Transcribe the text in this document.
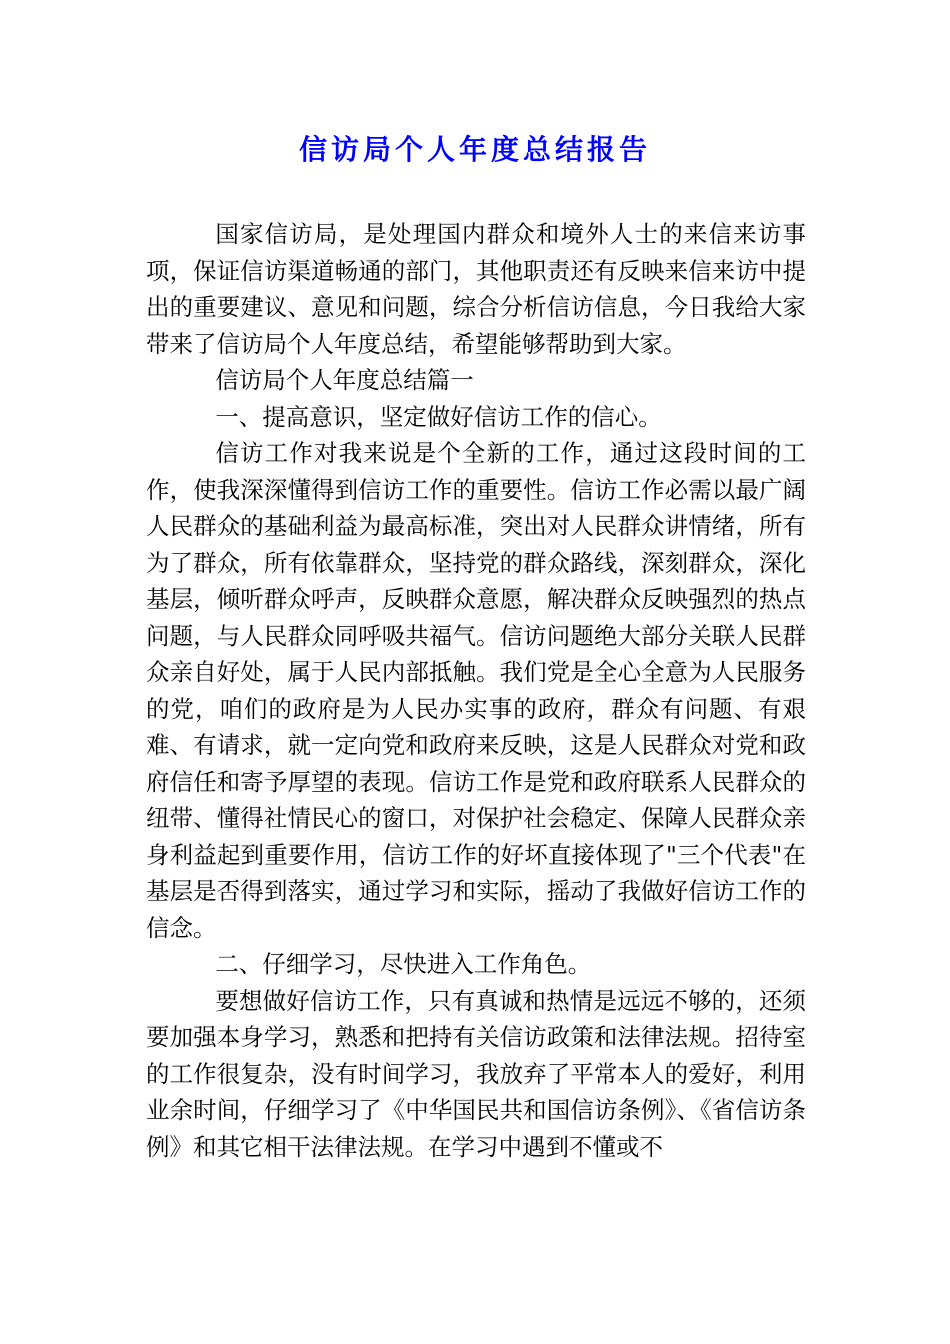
信访局个人年度总结报告

国家信访局，是处理国内群众和境外人士的来信来访事项，保证信访渠道畅通的部门，其他职责还有反映来信来访中提出的重要建议、意见和问题，综合分析信访信息，今日我给大家带来了信访局个人年度总结，希望能够帮助到大家。

信访局个人年度总结篇一

一、提高意识，坚定做好信访工作的信心。

信访工作对我来说是个全新的工作，通过这段时间的工作，使我深深懂得到信访工作的重要性。信访工作必需以最广阔人民群众的基础利益为最高标准，突出对人民群众讲情绪，所有为了群众，所有依靠群众，坚持党的群众路线，深刻群众，深化基层，倾听群众呼声，反映群众意愿，解决群众反映强烈的热点问题，与人民群众同呼吸共福气。信访问题绝大部分关联人民群众亲自好处，属于人民内部抵触。我们党是全心全意为人民服务的党，咱们的政府是为人民办实事的政府，群众有问题、有艰难、有请求，就一定向党和政府来反映，这是人民群众对党和政府信任和寄予厚望的表现。信访工作是党和政府联系人民群众的纽带、懂得社情民心的窗口，对保护社会稳定、保障人民群众亲身利益起到重要作用，信访工作的好坏直接体现了"三个代表"在基层是否得到落实，通过学习和实际，摇动了我做好信访工作的信念。

二、仔细学习，尽快进入工作角色。

要想做好信访工作，只有真诚和热情是远远不够的，还须要加强本身学习，熟悉和把持有关信访政策和法律法规。招待室的工作很复杂，没有时间学习，我放弃了平常本人的爱好，利用业余时间，仔细学习了《中华国民共和国信访条例》、《省信访条例》和其它相干法律法规。在学习中遇到不懂或不
